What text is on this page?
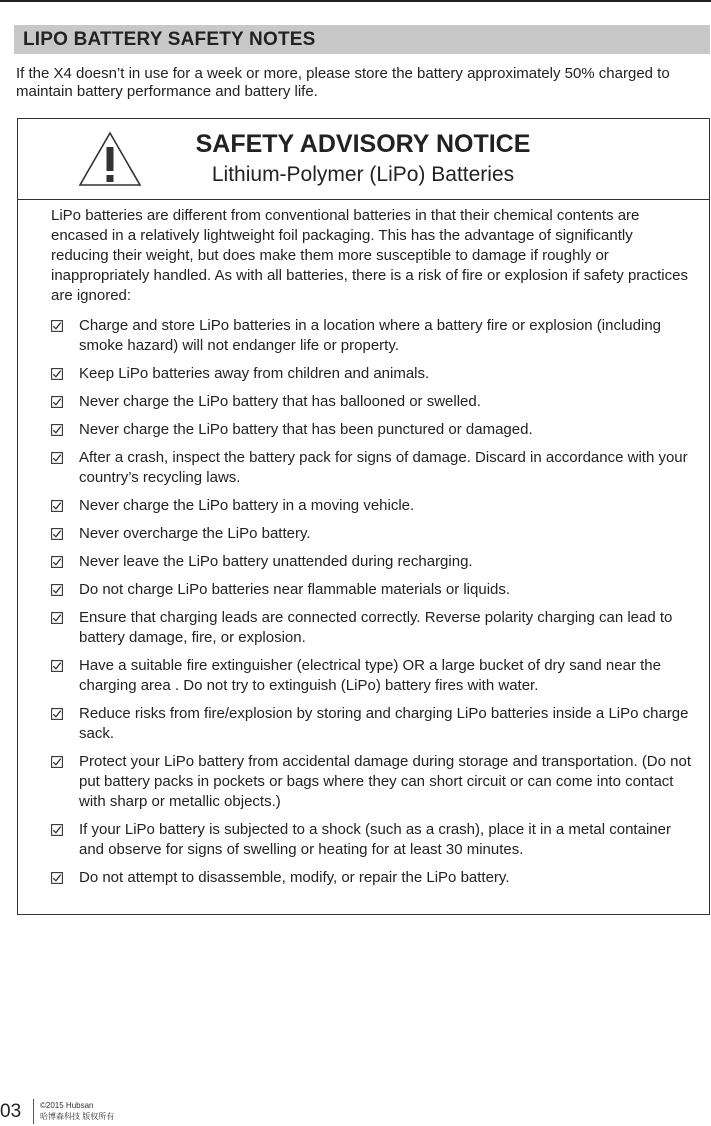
LIPO BATTERY SAFETY NOTES
If the X4 doesn’t in use for a week or more, please store the battery approximately 50% charged to maintain battery performance and battery life.
SAFETY ADVISORY NOTICE
Lithium-Polymer (LiPo) Batteries

LiPo batteries are different from conventional batteries in that their chemical contents are encased in a relatively lightweight foil packaging. This has the advantage of significantly reducing their weight, but does make them more susceptible to damage if roughly or inappropriately handled. As with all batteries, there is a risk of fire or explosion if safety practices are ignored:

Charge and store LiPo batteries in a location where a battery fire or explosion (including smoke hazard) will not endanger life or property.
Keep LiPo batteries away from children and animals.
Never charge the LiPo battery that has ballooned or swelled.
Never charge the LiPo battery that has been punctured or damaged.
After a crash, inspect the battery pack for signs of damage. Discard in accordance with your country’s recycling laws.
Never charge the LiPo battery in a moving vehicle.
Never overcharge the LiPo battery.
Never leave the LiPo battery unattended during recharging.
Do not charge LiPo batteries near flammable materials or liquids.
Ensure that charging leads are connected correctly. Reverse polarity charging can lead to battery damage, fire, or explosion.
Have a suitable fire extinguisher (electrical type) OR a large bucket of dry sand near the charging area . Do not try to extinguish (LiPo) battery fires with water.
Reduce risks from fire/explosion by storing and charging LiPo batteries inside a LiPo charge sack.
Protect your LiPo battery from accidental damage during storage and transportation. (Do not put battery packs in pockets or bags where they can short circuit or can come into contact with sharp or metallic objects.)
If your LiPo battery is subjected to a shock (such as a crash), place it in a metal container and observe for signs of swelling or heating for at least 30 minutes.
Do not attempt to disassemble, modify, or repair the LiPo battery.
03 ©2015 Hubsan
哈博森科技 版权所有
